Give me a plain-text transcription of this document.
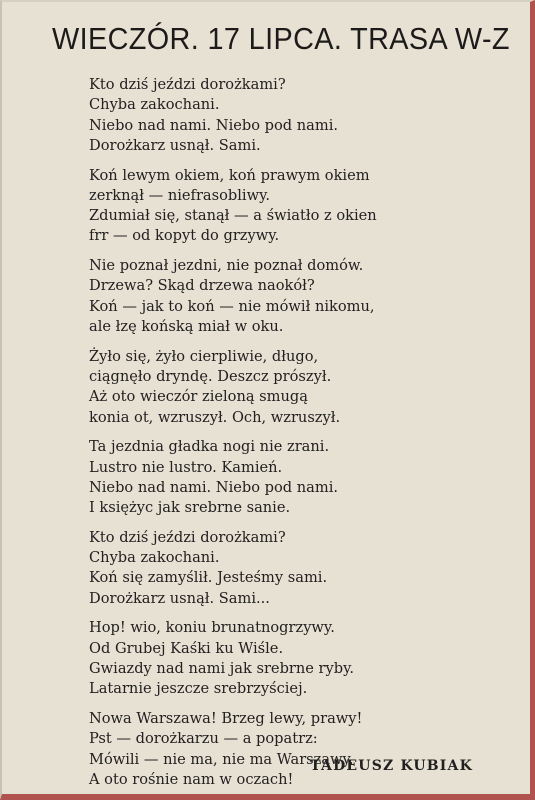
WIECZÓR. 17 LIPCA. TRASA W-Z
Kto dziś jeździ dorożkami?
Chyba zakochani.
Niebo nad nami. Niebo pod nami.
Dorożkarz usnął. Sami.
Koń lewym okiem, koń prawym okiem
zerknął — niefrasobliwy.
Zdumiał się, stanął — a światło z okien
frr — od kopyt do grzywy.
Nie poznał jezdni, nie poznał domów.
Drzewa? Skąd drzewa naokół?
Koń — jak to koń — nie mówił nikomu,
ale łzę końską miał w oku.
Żyło się, żyło cierpliwie, długo,
ciągnęło dryndę. Deszcz prószył.
Aż oto wieczór zieloną smugą
konia ot, wzruszył. Och, wzruszył.
Ta jezdnia gładka nogi nie zrani.
Lustro nie lustro. Kamień.
Niebo nad nami. Niebo pod nami.
I księżyc jak srebrne sanie.
Kto dziś jeździ dorożkami?
Chyba zakochani.
Koń się zamyślił. Jesteśmy sami.
Dorożkarz usnął. Sami...
Hop! wio, koniu brunatnogrzywy.
Od Grubej Kaśki ku Wiśle.
Gwiazdy nad nami jak srebrne ryby.
Latarnie jeszcze srebrzyściej.
Nowa Warszawa! Brzeg lewy, prawy!
Pst — dorożkarzu — a popatrz:
Mówili — nie ma, nie ma Warszawy.
A oto rośnie nam w oczach!
TADEUSZ KUBIAK
